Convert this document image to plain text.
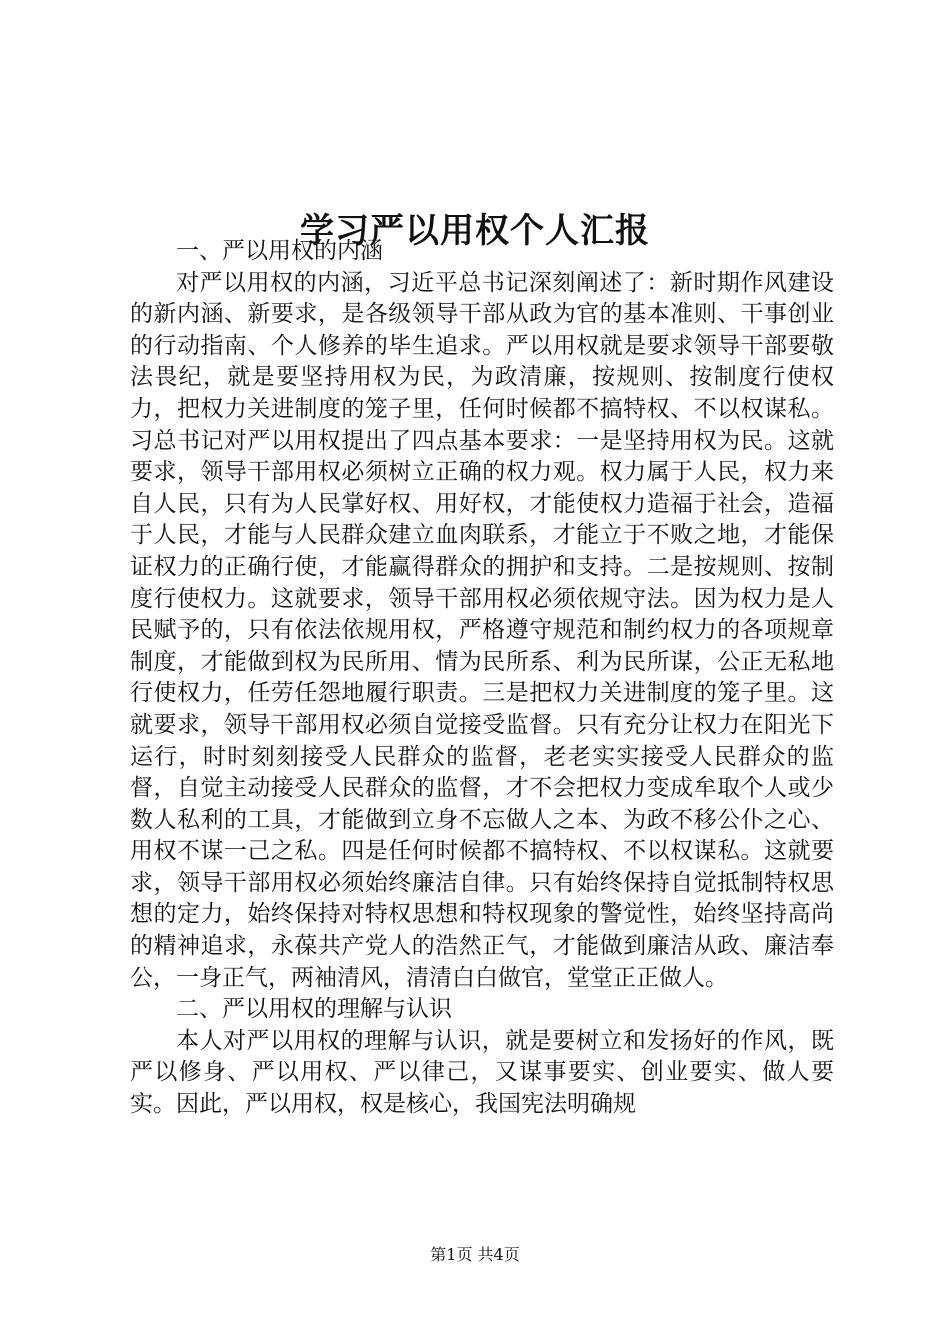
学习严以用权个人汇报

一、严以用权的内涵

对严以用权的内涵，习近平总书记深刻阐述了：新时期作风建设的新内涵、新要求，是各级领导干部从政为官的基本准则、干事创业的行动指南、个人修养的毕生追求。严以用权就是要求领导干部要敬法畏纪，就是要坚持用权为民，为政清廉，按规则、按制度行使权力，把权力关进制度的笼子里，任何时候都不搞特权、不以权谋私。习总书记对严以用权提出了四点基本要求：一是坚持用权为民。这就要求，领导干部用权必须树立正确的权力观。权力属于人民，权力来自人民，只有为人民掌好权、用好权，才能使权力造福于社会，造福于人民，才能与人民群众建立血肉联系，才能立于不败之地，才能保证权力的正确行使，才能赢得群众的拥护和支持。二是按规则、按制度行使权力。这就要求，领导干部用权必须依规守法。因为权力是人民赋予的，只有依法依规用权，严格遵守规范和制约权力的各项规章制度，才能做到权为民所用、情为民所系、利为民所谋，公正无私地行使权力，任劳任怨地履行职责。三是把权力关进制度的笼子里。这就要求，领导干部用权必须自觉接受监督。只有充分让权力在阳光下运行，时时刻刻接受人民群众的监督，老老实实接受人民群众的监督，自觉主动接受人民群众的监督，才不会把权力变成牟取个人或少数人私利的工具，才能做到立身不忘做人之本、为政不移公仆之心、用权不谋一己之私。四是任何时候都不搞特权、不以权谋私。这就要求，领导干部用权必须始终廉洁自律。只有始终保持自觉抵制特权思想的定力，始终保持对特权思想和特权现象的警觉性，始终坚持高尚的精神追求，永葆共产党人的浩然正气，才能做到廉洁从政、廉洁奉公，一身正气，两袖清风，清清白白做官，堂堂正正做人。

二、严以用权的理解与认识

本人对严以用权的理解与认识，就是要树立和发扬好的作风，既严以修身、严以用权、严以律己，又谋事要实、创业要实、做人要实。因此，严以用权，权是核心，我国宪法明确规

第1页 共4页
